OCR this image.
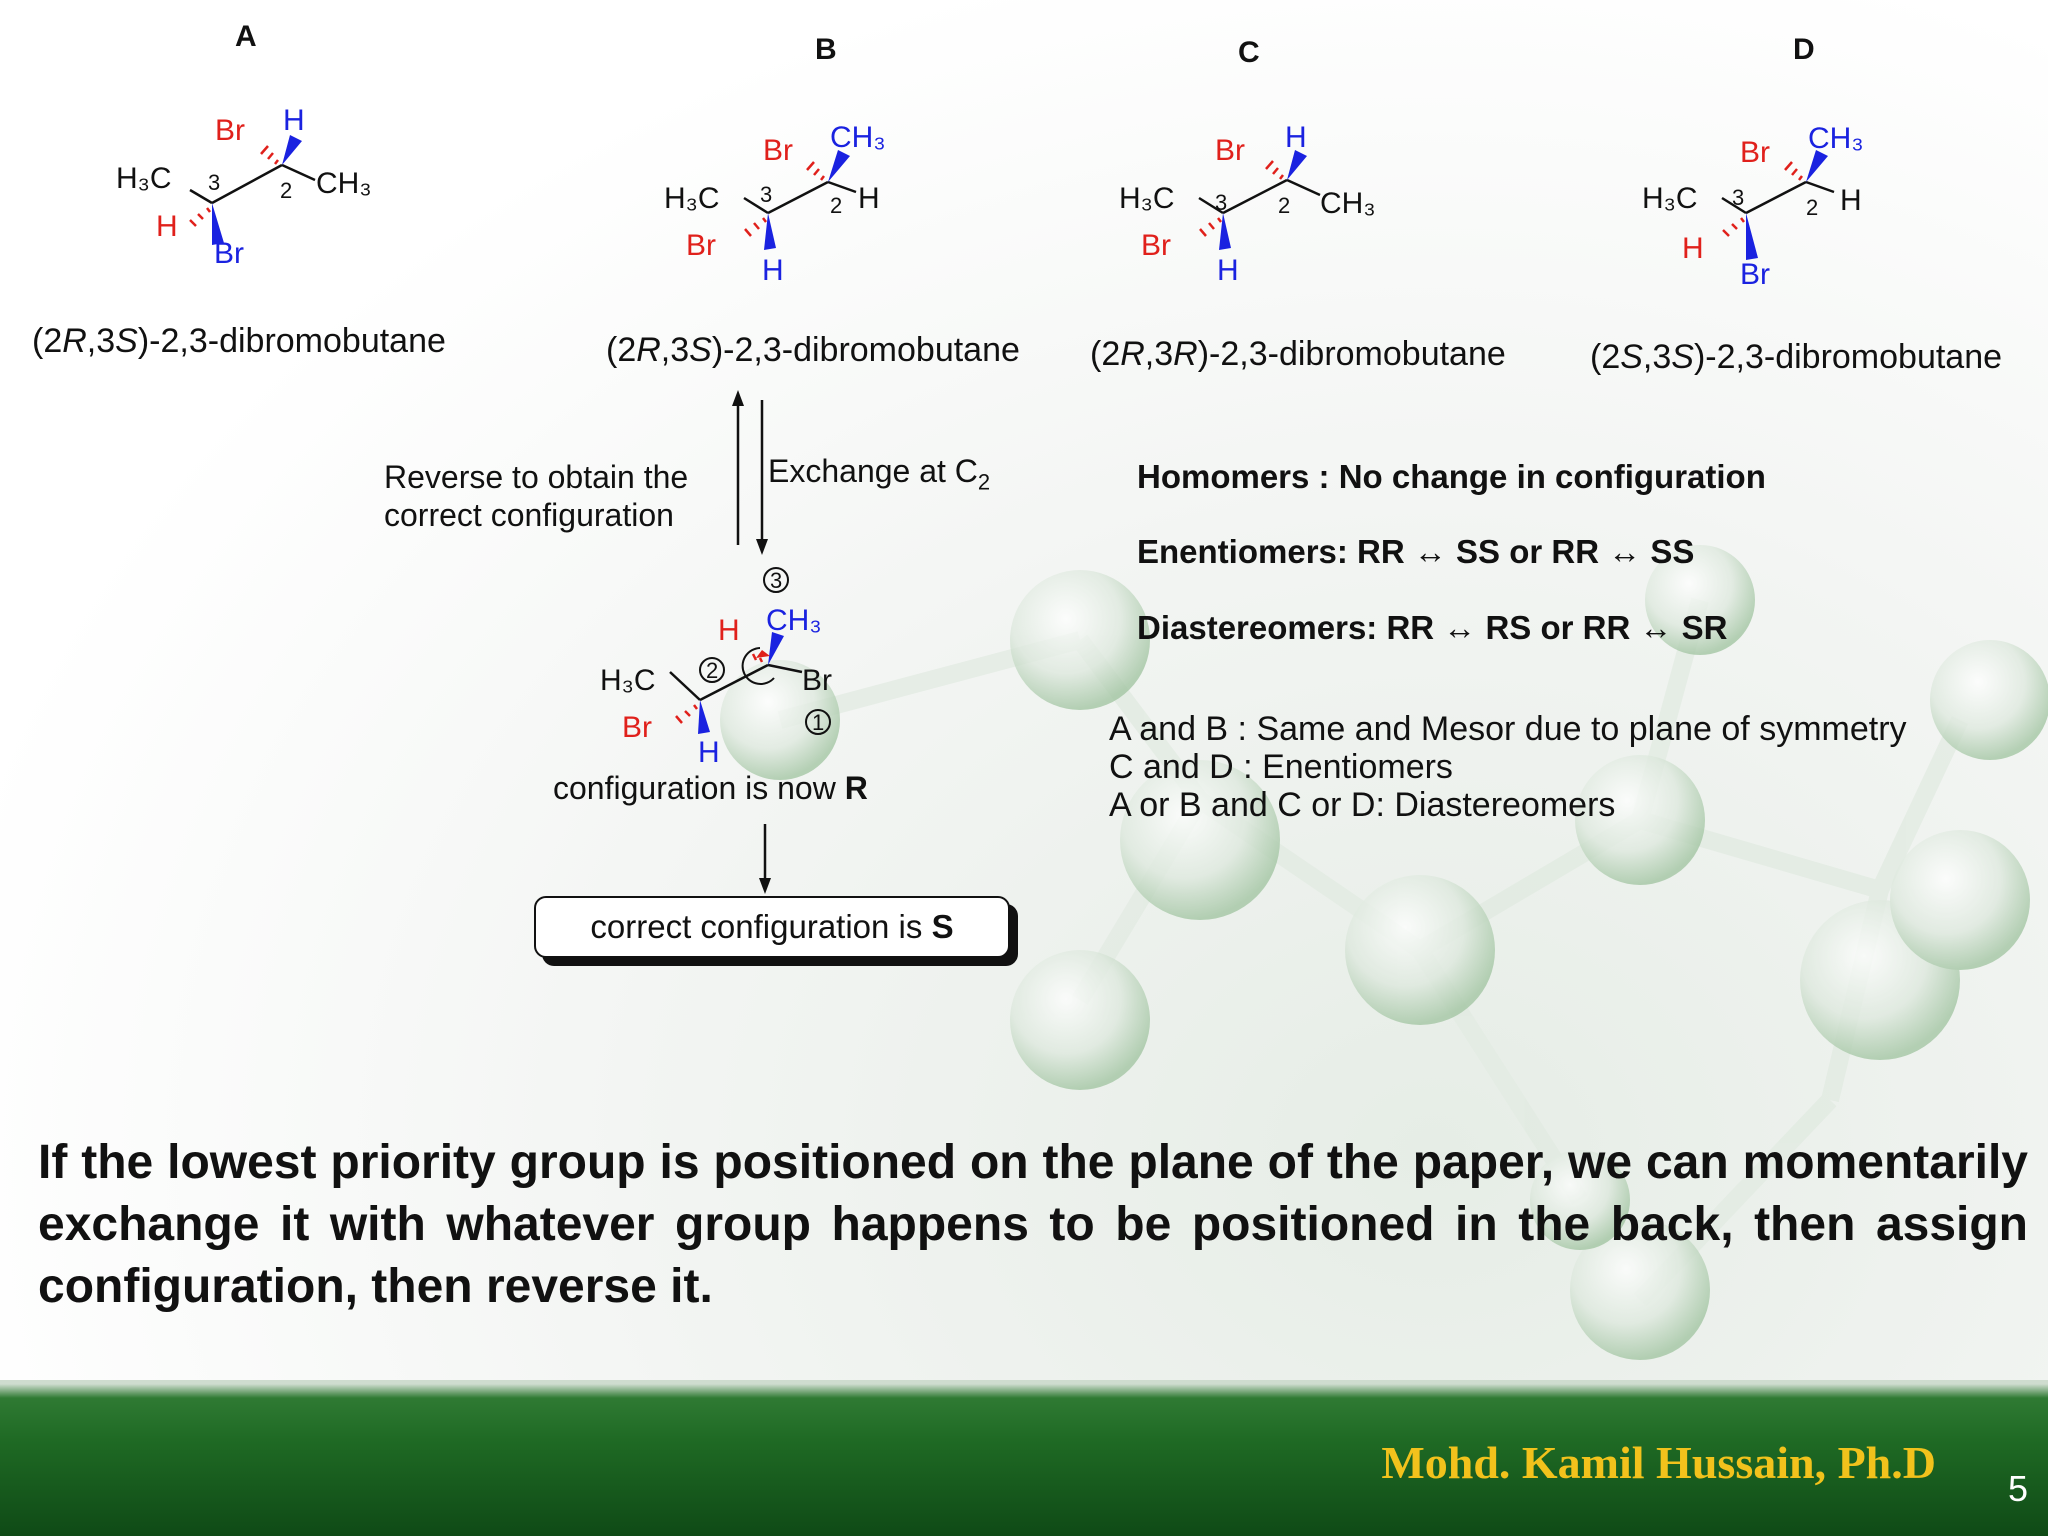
A	B	C	D
H₃C 3	2 CH₃
Br H
H
Br
H₃C 3	2 H
Br CH₃
Br
H
H₃C 3 2 CH₃
Br H
Br
H
H₃C 3	2 H
Br CH₃
H
Br
(2R,3S)-2,3-dibromobutane	(2R,3S)-2,3-dibromobutane (2R,3R)-2,3-dibromobutane (2S,3S)-2,3-dibromobutane
Reverse to obtain the
correct configuration
Exchange at $C_2$
3
2
1
H₃C
H CH₃
Br
Br
H
configuration is now R
correct configuration is
S
Homomers : No change in configuration
Enentiomers: RR ↔ SS or RR ↔ SS
Diastereomers: RR ↔ RS or RR ↔ SR
A and B : Same and Mesor due to plane of symmetry
C and D : Enentiomers
A or B and C or D: Diastereomers
If the lowest priority group is positioned on the plane of the paper, we can momentarily exchange it with whatever group happens to be positioned in the back, then assign configuration, then reverse it.
Mohd. Kamil Hussain, Ph.D
5
